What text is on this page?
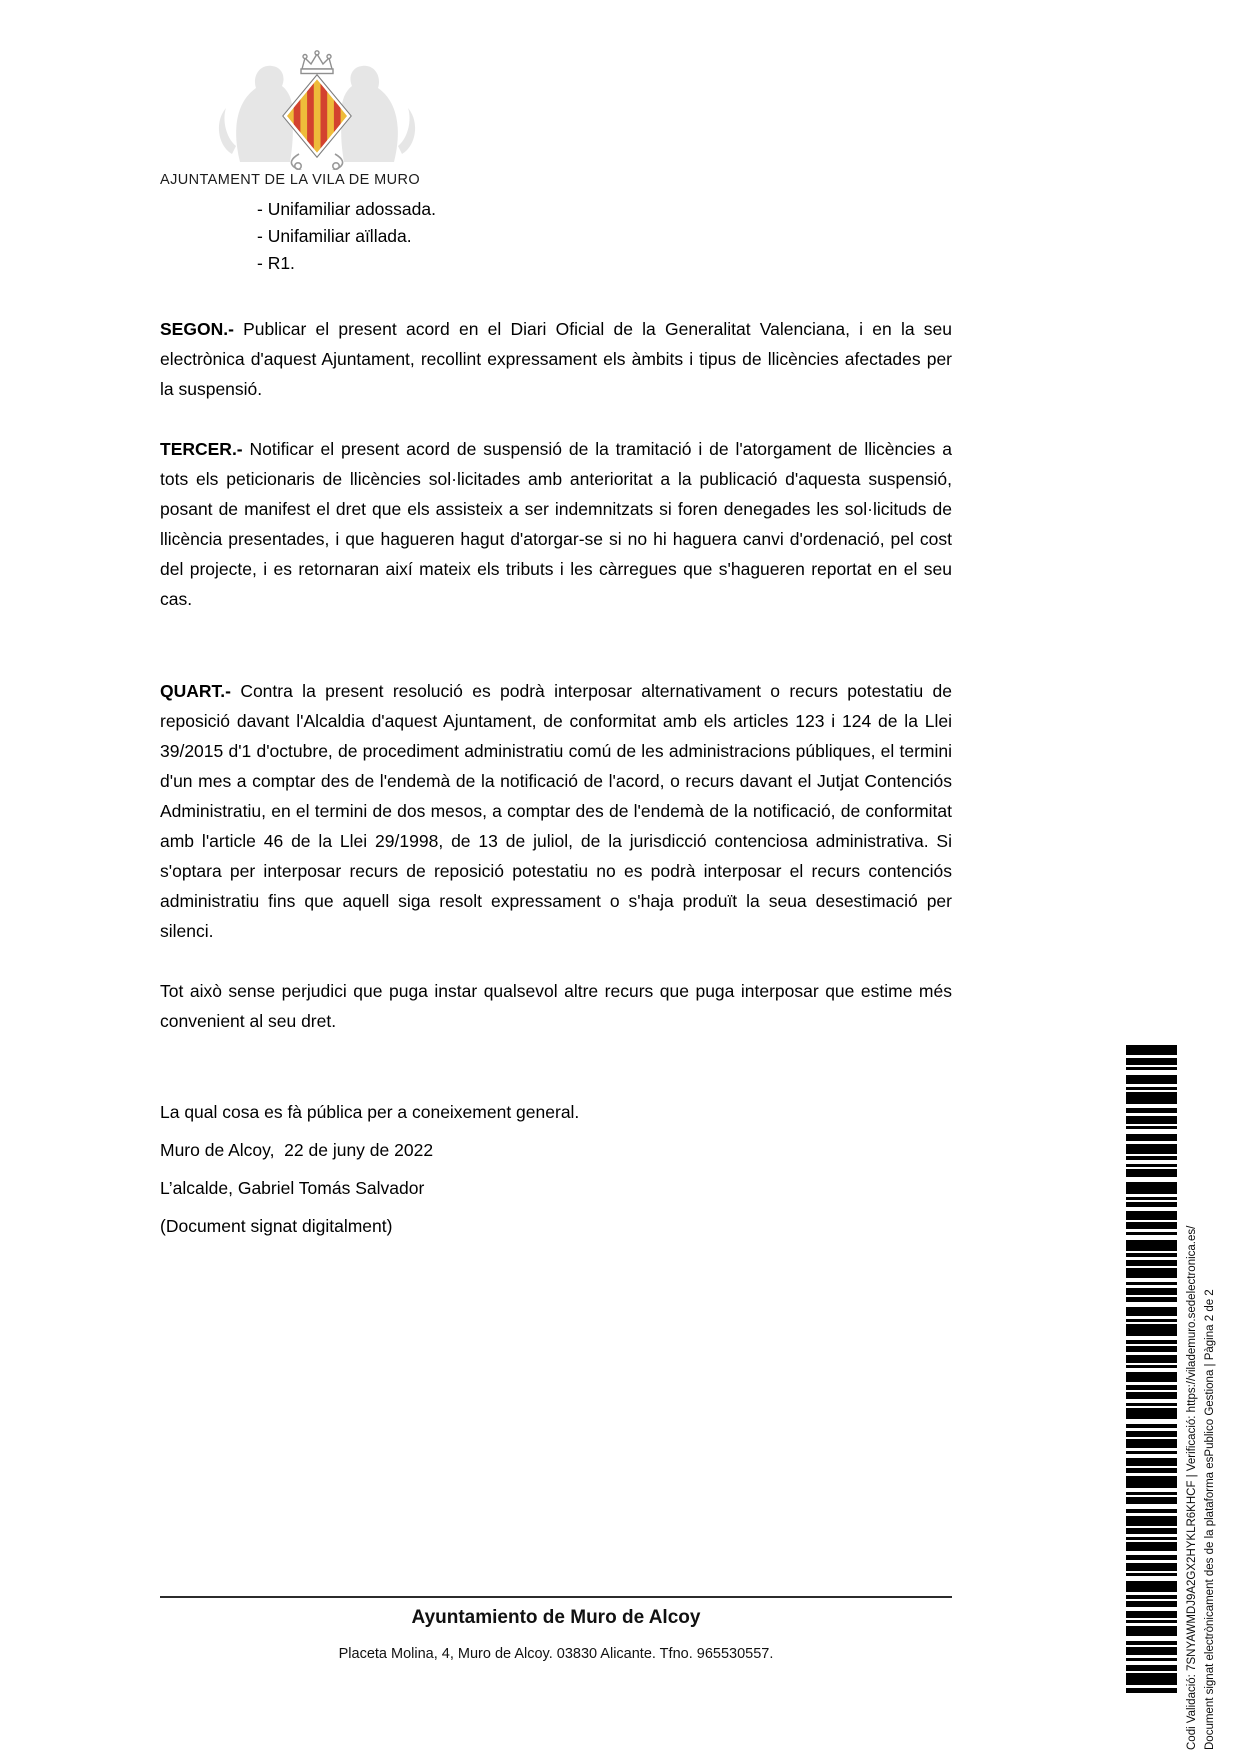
AJUNTAMENT DE LA VILA DE MURO
- Unifamiliar adossada.
- Unifamiliar aïllada.
- R1.

SEGON.- Publicar el present acord en el Diari Oficial de la Generalitat Valenciana, i en la seu electrònica d'aquest Ajuntament, recollint expressament els àmbits i tipus de llicències afectades per la suspensió.

TERCER.- Notificar el present acord de suspensió de la tramitació i de l'atorgament de llicències a tots els peticionaris de llicències sol·licitades amb anterioritat a la publicació d'aquesta suspensió, posant de manifest el dret que els assisteix a ser indemnitzats si foren denegades les sol·licituds de llicència presentades, i que hagueren hagut d'atorgar-se si no hi haguera canvi d'ordenació, pel cost del projecte, i es retornaran així mateix els tributs i les càrregues que s'hagueren reportat en el seu cas.

QUART.- Contra la present resolució es podrà interposar alternativament o recurs potestatiu de reposició davant l'Alcaldia d'aquest Ajuntament, de conformitat amb els articles 123 i 124 de la Llei 39/2015 d'1 d'octubre, de procediment administratiu comú de les administracions públiques, el termini d'un mes a comptar des de l'endemà de la notificació de l'acord, o recurs davant el Jutjat Contenciós Administratiu, en el termini de dos mesos, a comptar des de l'endemà de la notificació, de conformitat amb l'article 46 de la Llei 29/1998, de 13 de juliol, de la jurisdicció contenciosa administrativa. Si s'optara per interposar recurs de reposició potestatiu no es podrà interposar el recurs contenciós administratiu fins que aquell siga resolt expressament o s'haja produït la seua desestimació per silenci.

Tot això sense perjudici que puga instar qualsevol altre recurs que puga interposar que estime més convenient al seu dret.

La qual cosa es fà pública per a coneixement general.

Muro de Alcoy,  22 de juny de 2022

L’alcalde, Gabriel Tomás Salvador

(Document signat digitalment)

Ayuntamiento de Muro de Alcoy
Placeta Molina, 4, Muro de Alcoy. 03830 Alicante. Tfno. 965530557.	Codi Validació: 7SNYAWMDJ9A2GX2HYKLR6KHCF | Verificació: https://vilademuro.sedelectronica.es/ Document signat electrònicament des de la plataforma esPublico Gestiona | Pàgina 2 de 2
